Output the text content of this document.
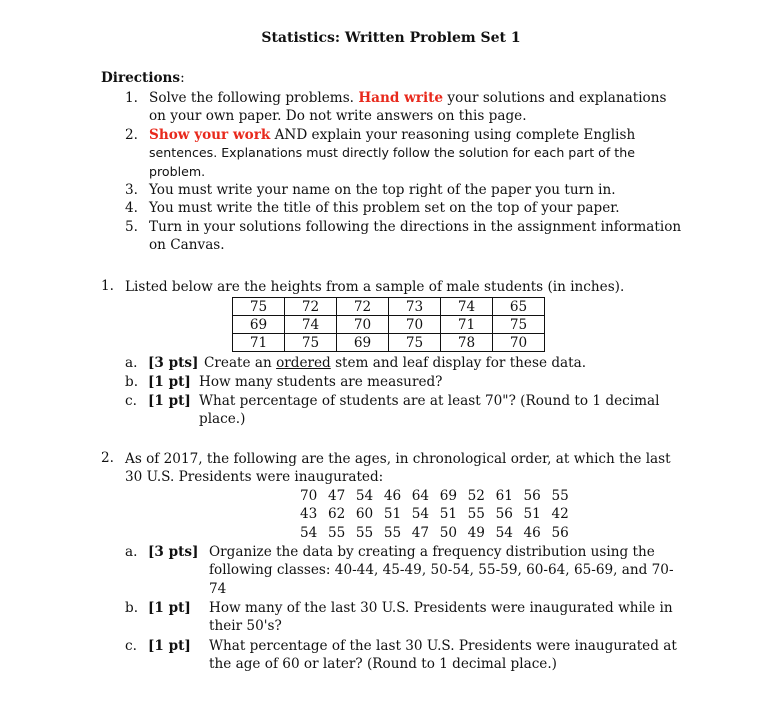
Statistics: Written Problem Set 1
Directions:
1. Solve the following problems. Hand write your solutions and explanations
on your own paper. Do not write answers on this page.
2. Show your work AND explain your reasoning using complete English
sentences. Explanations must directly follow the solution for each part of the
problem.
3. You must write your name on the top right of the paper you turn in.
4. You must write the title of this problem set on the top of your paper.
5. Turn in your solutions following the directions in the assignment information
on Canvas.
1. Listed below are the heights from a sample of male students (in inches).
75	72	72	73	74	65
69	74	70	70	71	75
71	75	69	75	78	70
a. [3 pts] Create an ordered stem and leaf display for these data.
b. [1 pt] How many students are measured?
c. [1 pt] What percentage of students are at least 70"? (Round to 1 decimal
place.)
2. As of 2017, the following are the ages, in chronological order, at which the last
30 U.S. Presidents were inaugurated:
70  47  54  46  64  69  52  61  56  55
43  62  60  51  54  51  55  56  51  42
54  55  55  55  47  50  49  54  46  56
a. [3 pts] Organize the data by creating a frequency distribution using the
following classes: 40-44, 45-49, 50-54, 55-59, 60-64, 65-69, and 70-
74
b. [1 pt] How many of the last 30 U.S. Presidents were inaugurated while in
their 50's?
c. [1 pt] What percentage of the last 30 U.S. Presidents were inaugurated at
the age of 60 or later? (Round to 1 decimal place.)
